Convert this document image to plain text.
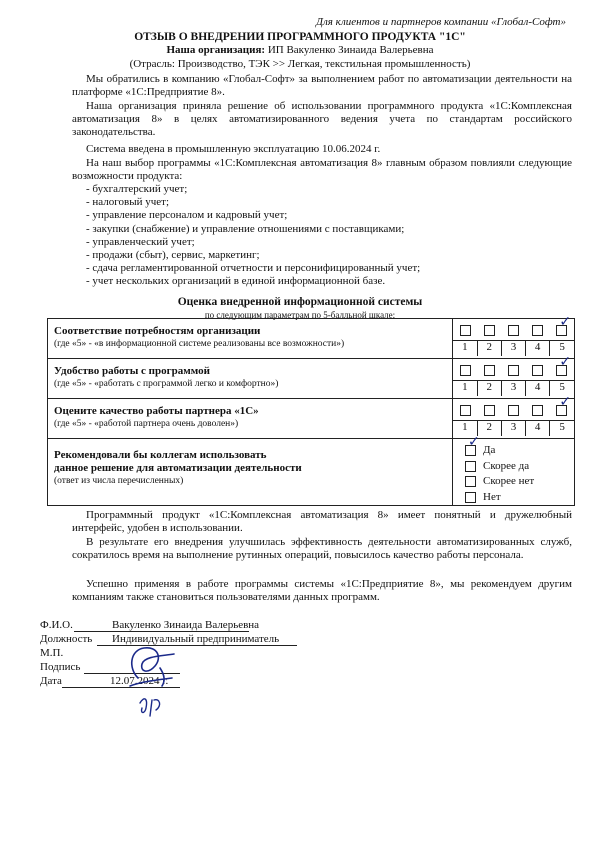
Для клиентов и партнеров компании «Глобал-Софт»
ОТЗЫВ О ВНЕДРЕНИИ ПРОГРАММНОГО ПРОДУКТА "1С"
Наша организация: ИП Вакуленко Зинаида Валерьевна
(Отрасль: Производство, ТЭК >> Легкая, текстильная промышленность)
Мы обратились в компанию «Глобал-Софт» за выполнением работ по автоматизации деятельности на платформе «1С:Предприятие 8».
Наша организация приняла решение об использовании программного продукта «1С:Комплексная автоматизация 8» в целях автоматизированного ведения учета по стандартам российского законодательства.
Система введена в промышленную эксплуатацию 10.06.2024 г.
На наш выбор программы «1С:Комплексная автоматизация 8» главным образом повлияли следующие возможности продукта:
- бухгалтерский учет;
- налоговый учет;
- управление персоналом и кадровый учет;
- закупки (снабжение) и управление отношениями с поставщиками;
- управленческий учет;
- продажи (сбыт), сервис, маркетинг;
- сдача регламентированной отчетности и персонифицированный учет;
- учет нескольких организаций в единой информационной базе.
Оценка внедренной информационной системы
по следующим параметрам по 5-балльной шкале:
Соответствие потребностям организации
(где «5» - «в информационной системе реализованы все возможности»)

				✓	1	2	3	4	5

Удобство работы с программой
(где «5» - «работать с программой легко и комфортно»)

				✓	1	2	3	4	5

Оцените качество работы партнера «1С»
(где «5» - «работой партнера очень доволен»)

				✓	1	2	3	4	5

Рекомендовали бы коллегам использовать
данное решение для автоматизации деятельности
(ответ из числа перечисленных)

✓
Да
Скорее да
Скорее нет
Нет
Программный продукт «1С:Комплексная автоматизация 8» имеет понятный и дружелюбный интерфейс, удобен в использовании.
В результате его внедрения улучшилась эффективность деятельности автоматизированных служб, сократилось время на выполнение рутинных операций, повысилось качество работы персонала.
Успешно применяя в работе программы системы «1С:Предприятие 8», мы рекомендуем другим компаниям также становиться пользователями данных программ.
Ф.И.О.	Вакуленко Зинаида Валерьевна
Должность Индивидуальный предприниматель
М.П.
Подпись
Дата	12.07.2024 г.
